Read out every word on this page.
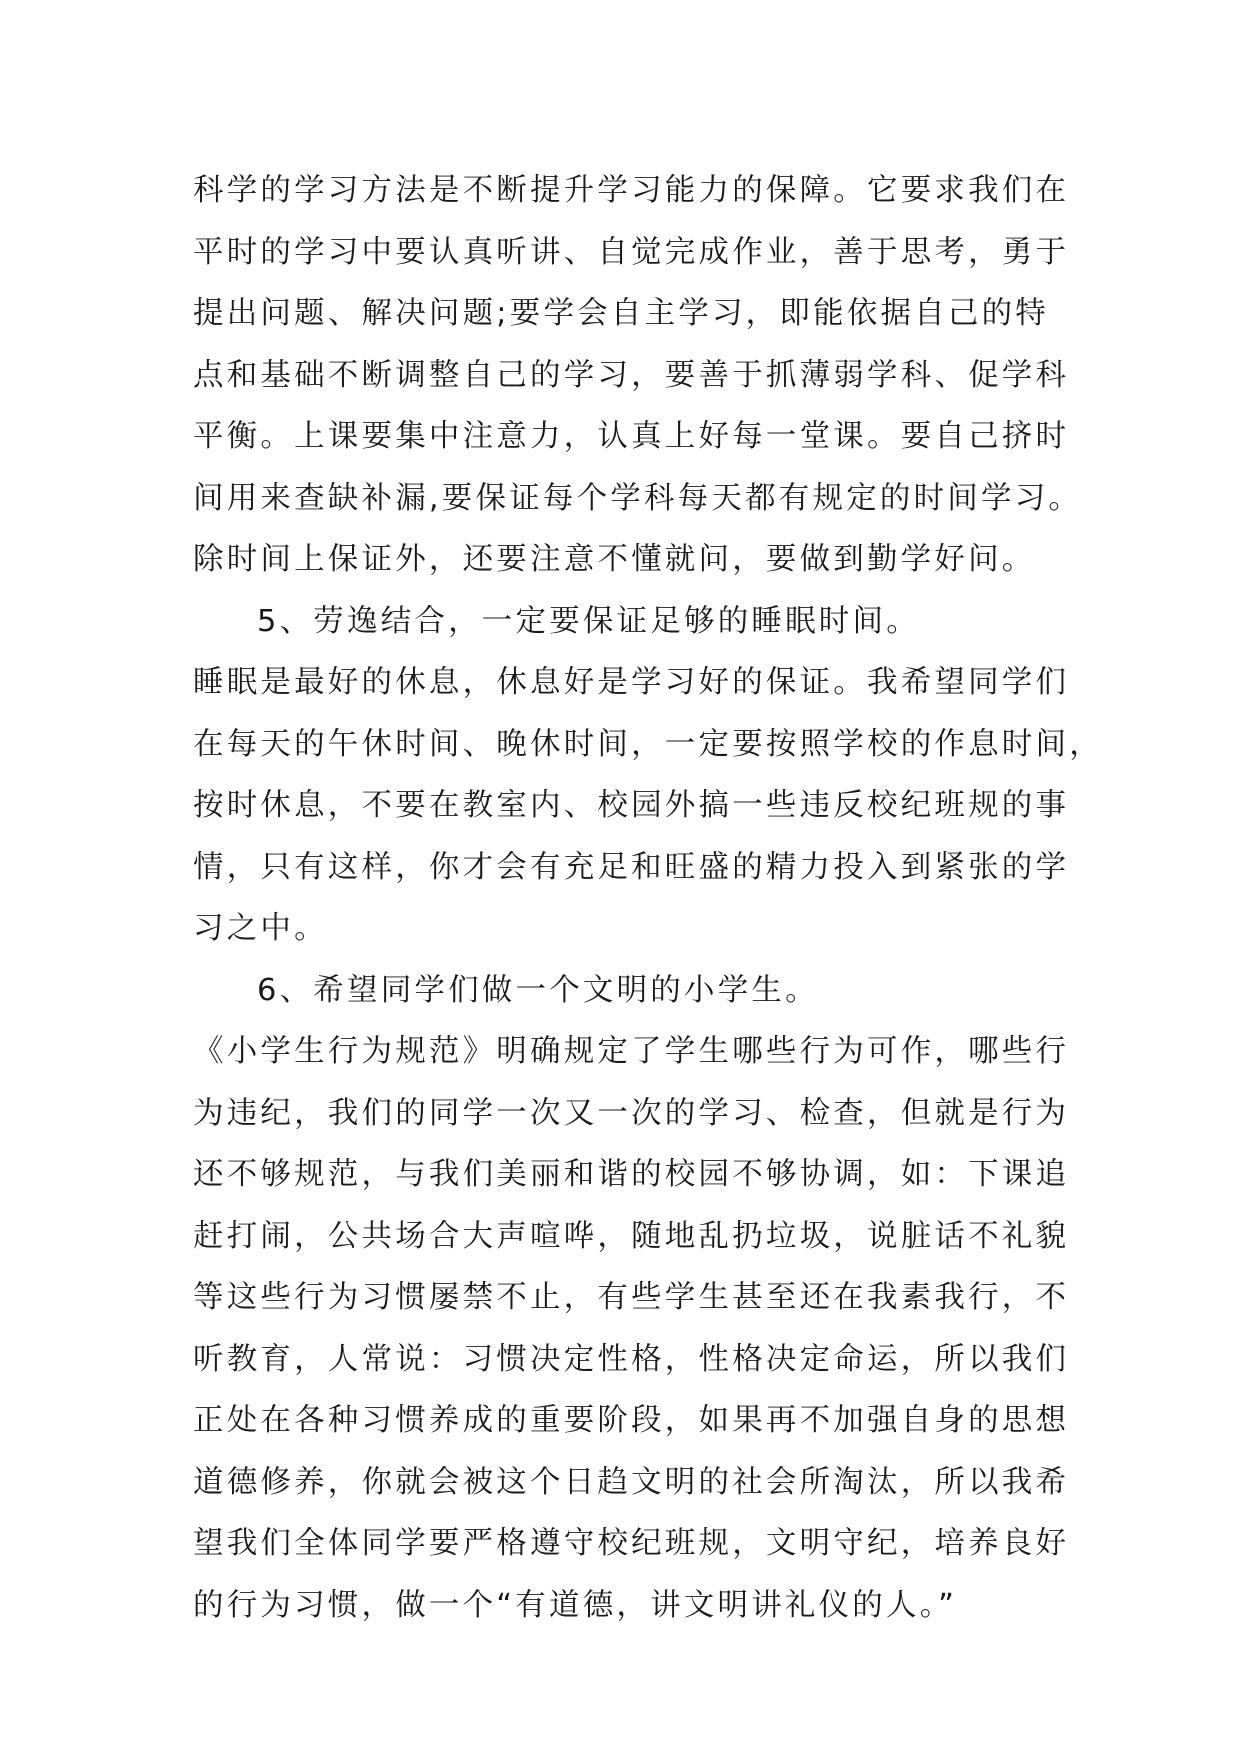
科学的学习方法是不断提升学习能力的保障。它要求我们在
平时的学习中要认真听讲、自觉完成作业，善于思考，勇于
提出问题、解决问题;要学会自主学习，即能依据自己的特
点和基础不断调整自己的学习，要善于抓薄弱学科、促学科
平衡。上课要集中注意力，认真上好每一堂课。要自己挤时
间用来查缺补漏,要保证每个学科每天都有规定的时间学习。
除时间上保证外，还要注意不懂就问，要做到勤学好问。

5、劳逸结合，一定要保证足够的睡眠时间。

睡眠是最好的休息，休息好是学习好的保证。我希望同学们
在每天的午休时间、晚休时间，一定要按照学校的作息时间，
按时休息，不要在教室内、校园外搞一些违反校纪班规的事
情，只有这样，你才会有充足和旺盛的精力投入到紧张的学
习之中。

6、希望同学们做一个文明的小学生。

《小学生行为规范》明确规定了学生哪些行为可作，哪些行
为违纪，我们的同学一次又一次的学习、检查，但就是行为
还不够规范，与我们美丽和谐的校园不够协调，如：下课追
赶打闹，公共场合大声喧哗，随地乱扔垃圾，说脏话不礼貌
等这些行为习惯屡禁不止，有些学生甚至还在我素我行，不
听教育，人常说：习惯决定性格，性格决定命运，所以我们
正处在各种习惯养成的重要阶段，如果再不加强自身的思想
道德修养，你就会被这个日趋文明的社会所淘汰，所以我希
望我们全体同学要严格遵守校纪班规，文明守纪，培养良好
的行为习惯，做一个“有道德，讲文明讲礼仪的人。”
